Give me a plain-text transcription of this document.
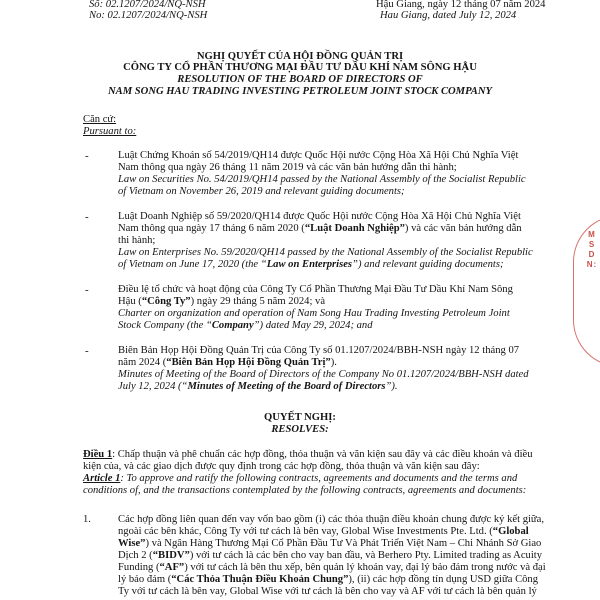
Số: 02.1207/2024/NQ-NSH
No: 02.1207/2024/NQ-NSH
Hậu Giang, ngày 12 tháng 07 năm 2024
Hau Giang, dated July 12, 2024
NGHỊ QUYẾT CỦA HỘI ĐỒNG QUẢN TRỊ
CÔNG TY CỔ PHẦN THƯƠNG MẠI ĐẦU TƯ DẦU KHÍ NAM SÔNG HẬU
RESOLUTION OF THE BOARD OF DIRECTORS OF
NAM SONG HAU TRADING INVESTING PETROLEUM JOINT STOCK COMPANY
Căn cứ:
Pursuant to:
-	Luật Chứng Khoán số 54/2019/QH14 được Quốc Hội nước Cộng Hòa Xã Hội Chủ Nghĩa Việt
Nam thông qua ngày 26 tháng 11 năm 2019 và các văn bản hướng dẫn thi hành;
Law on Securities No. 54/2019/QH14 passed by the National Assembly of the Socialist Republic
of Vietnam on November 26, 2019 and relevant guiding documents;
-	Luật Doanh Nghiệp số 59/2020/QH14 được Quốc Hội nước Cộng Hòa Xã Hội Chủ Nghĩa Việt
Nam thông qua ngày 17 tháng 6 năm 2020 (“Luật Doanh Nghiệp”) và các văn bản hướng dẫn
thi hành;
Law on Enterprises No. 59/2020/QH14 passed by the National Assembly of the Socialist Republic
of Vietnam on June 17, 2020 (the “Law on Enterprises”) and relevant guiding documents;
-	Điều lệ tổ chức và hoạt động của Công Ty Cổ Phần Thương Mại Đầu Tư Dầu Khí Nam Sông
Hậu (“Công Ty”) ngày 29 tháng 5 năm 2024; và
Charter on organization and operation of Nam Song Hau Trading Investing Petroleum Joint
Stock Company (the “Company”) dated May 29, 2024; and
-	Biên Bản Họp Hội Đồng Quản Trị của Công Ty số 01.1207/2024/BBH-NSH ngày 12 tháng 07
năm 2024 (“Biên Bản Họp Hội Đồng Quản Trị”).
Minutes of Meeting of the Board of Directors of the Company No 01.1207/2024/BBH-NSH dated
July 12, 2024 (“Minutes of Meeting of the Board of Directors”).
QUYẾT NGHỊ:
RESOLVES:
Điều 1: Chấp thuận và phê chuẩn các hợp đồng, thỏa thuận và văn kiện sau đây và các điều khoản và điều
kiện của, và các giao dịch được quy định trong các hợp đồng, thỏa thuận và văn kiện sau đây:
Article 1: To approve and ratify the following contracts, agreements and documents and the terms and
conditions of, and the transactions contemplated by the following contracts, agreements and documents:
1.	Các hợp đồng liên quan đến vay vốn bao gồm (i) các thỏa thuận điều khoản chung được ký kết giữa,
ngoài các bên khác, Công Ty với tư cách là bên vay, Global Wise Investments Pte. Ltd. (“Global
Wise”) và Ngân Hàng Thương Mại Cổ Phần Đầu Tư Và Phát Triển Việt Nam – Chi Nhánh Sở Giao
Dịch 2 (“BIDV”) với tư cách là các bên cho vay ban đầu, và Berhero Pty. Limited trading as Acuity
Funding (“AF”) với tư cách là bên thu xếp, bên quản lý khoản vay, đại lý bảo đảm trong nước và đại
lý bảo đảm (“Các Thỏa Thuận Điều Khoản Chung”), (ii) các hợp đồng tín dụng USD giữa Công
Ty với tư cách là bên vay, Global Wise với tư cách là bên cho vay và AF với tư cách là bên quản lý
MSDN:
